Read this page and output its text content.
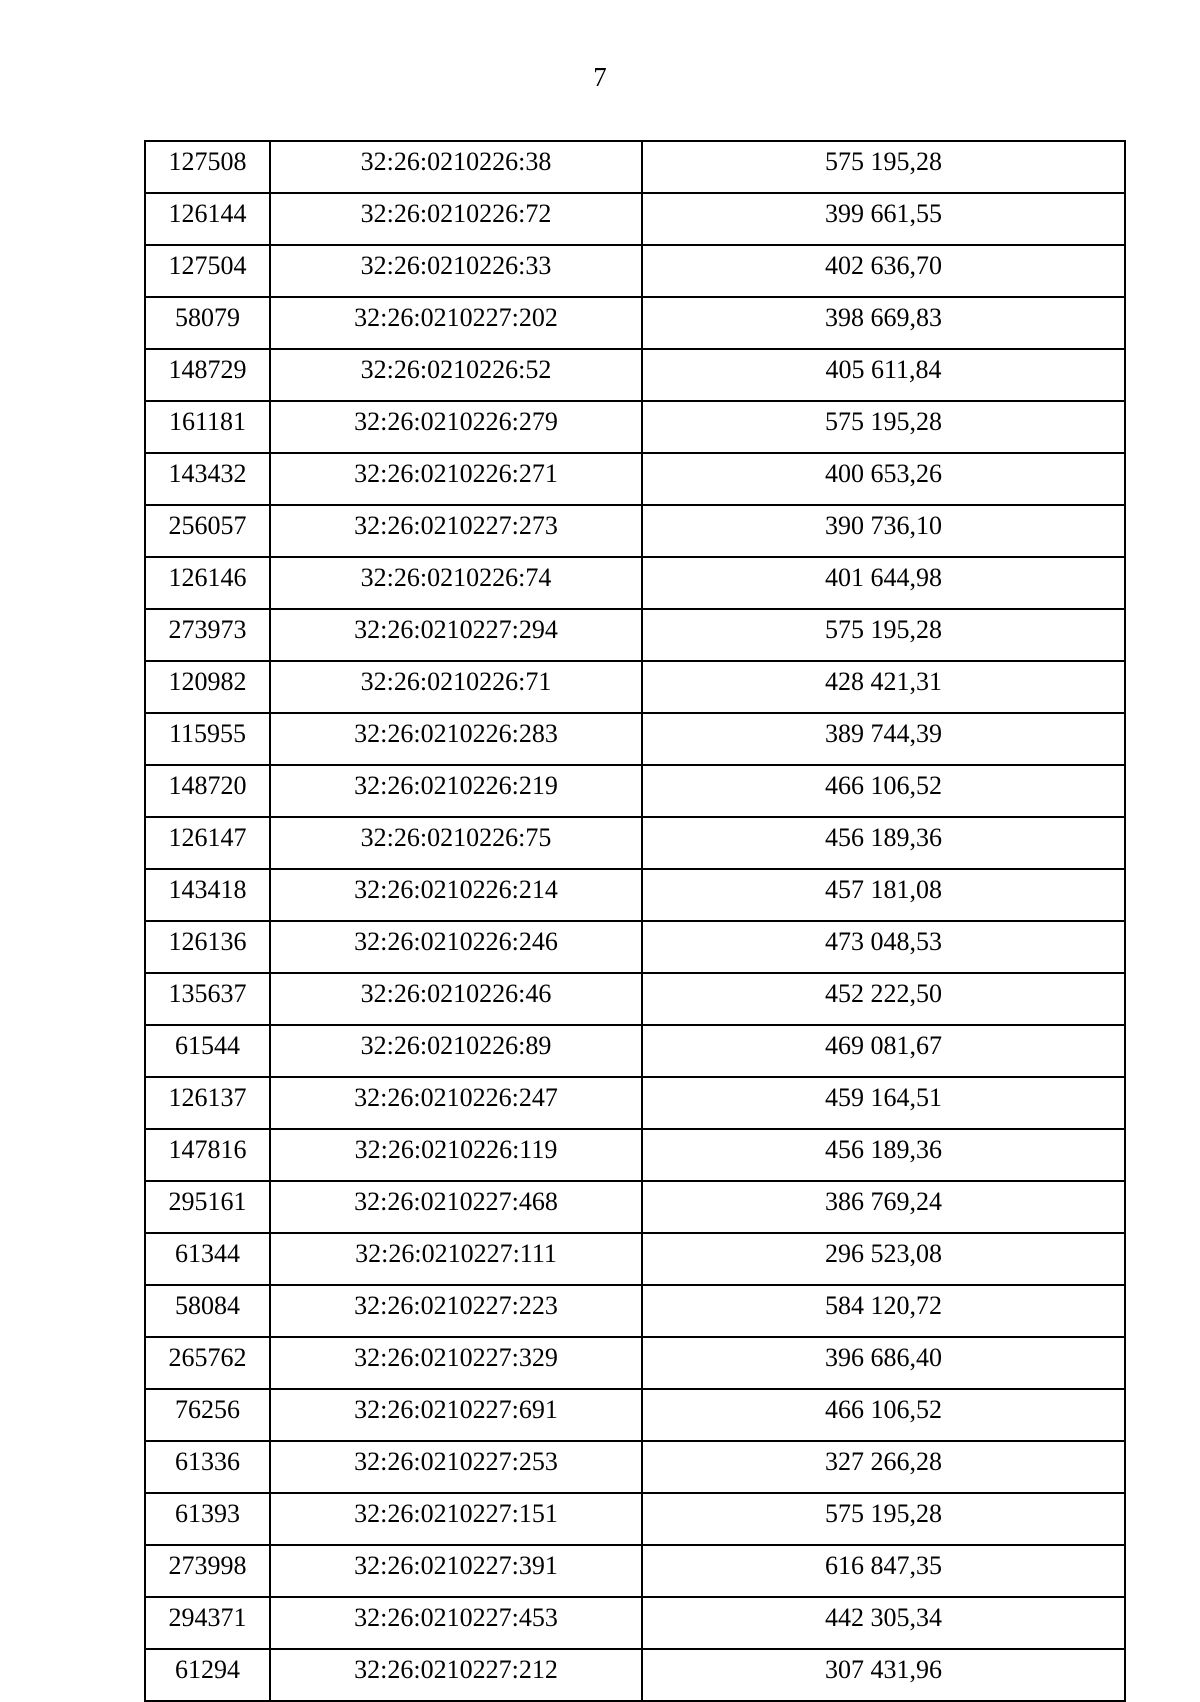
7
127508	32:26:0210226:38	575 195,28
126144	32:26:0210226:72	399 661,55
127504	32:26:0210226:33	402 636,70
58079	32:26:0210227:202	398 669,83
148729	32:26:0210226:52	405 611,84
161181	32:26:0210226:279	575 195,28
143432	32:26:0210226:271	400 653,26
256057	32:26:0210227:273	390 736,10
126146	32:26:0210226:74	401 644,98
273973	32:26:0210227:294	575 195,28
120982	32:26:0210226:71	428 421,31
115955	32:26:0210226:283	389 744,39
148720	32:26:0210226:219	466 106,52
126147	32:26:0210226:75	456 189,36
143418	32:26:0210226:214	457 181,08
126136	32:26:0210226:246	473 048,53
135637	32:26:0210226:46	452 222,50
61544	32:26:0210226:89	469 081,67
126137	32:26:0210226:247	459 164,51
147816	32:26:0210226:119	456 189,36
295161	32:26:0210227:468	386 769,24
61344	32:26:0210227:111	296 523,08
58084	32:26:0210227:223	584 120,72
265762	32:26:0210227:329	396 686,40
76256	32:26:0210227:691	466 106,52
61336	32:26:0210227:253	327 266,28
61393	32:26:0210227:151	575 195,28
273998	32:26:0210227:391	616 847,35
294371	32:26:0210227:453	442 305,34
61294	32:26:0210227:212	307 431,96
